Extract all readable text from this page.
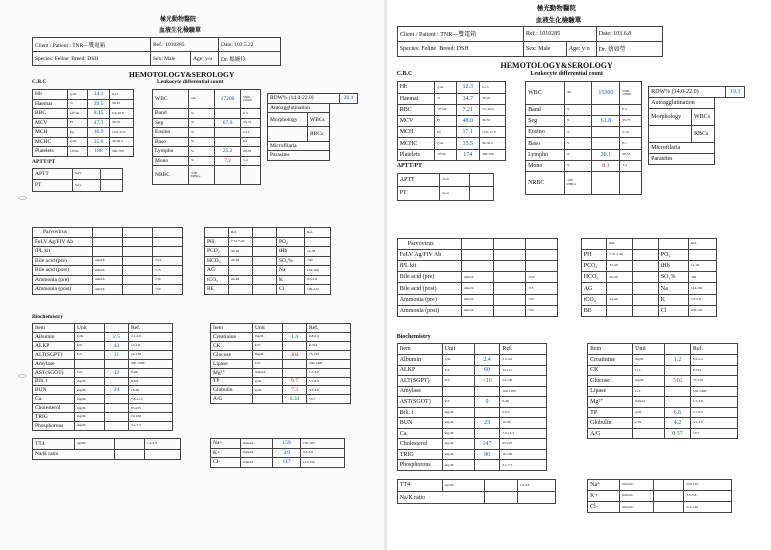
極光動物醫院
血液生化檢驗單
Client / Patient : TNR—雙電箱	Ref.: 1010285		Date: 103.5.22
Species: Feline Breed: DSH	Sex: Male	Age: y/o	Dr. 楊婉伶
HEMOTOLOGY&SEROLOGY
C.B.C	Leukocyte differential count
Hb	g/dL	14.1	8-15
Haemat	%	39.5	30-45
RBC	10⁶/uL	8.15	5.0-10.0
MCV	Fl	47.3	39-55
MCH	Pg	16.9	13.0-17.0
MCHC	g/dL	35.6	30-36.5
Platelets	10³/uL	188	300-700
WBC	/uL	17200	5500-
19500

Band	%		0-3
Seg	%	67.6	35-75
Eosino	%		2-12
Baso	%		0-1
Lympho	%	25.2	20-55
Mono	%	7.2	1-4
NRBC	/100
WBCs		

RDW% (14.0-22.0)	20.4
Autoagglutination	
Morphology	WBCs
	RBCs
Microfilaria	
Parasites	
APTT/PT
APTT	Secs	
PT	Secs	
Parvovirus			
FeLV Ag/FIV Ab			
fPL kit			
Bile acid (pre)	umol/L		<5.0
Bile acid (post)	umol/L		<15
Ammonia (pre)	umol/L		<59
Ammonia (post)	umol/L		<59
	Ref.			Ref.
PH	7.31-7.42		PO₂	
PCO₂	32-49		tHb	12-18
HCO₃	20-29		SO₂%	<80
AG			Na	144-160
tCO₂	24-48		K	3.5-5.8
BE			Cl	109-122
Biochemistry
Item	Unit		Ref.
Albumin	g/dL	2.5	2.2-4.0
ALKP	U/L	43	14-111
ALT(SGPT)	U/L	11	12-130
Amylase			500-1500
AST(SGOT)	U/L	12	0-48
Bili. t	mg/dL		0-0.9
BUN	mg/dL	24	16-36
Ca.	mg/dL		7.8-11.3
Cholesterol	mg/dL		65-225
TRIG	mg/dL		10-100
Phosphorous	mg/dL		3.1-7.5
Item	Unit		Ref.
Creatinine	mg/dL	1.4	0.8-2.4
CK	U/L		0-314
Glucose	mg/dL	304	75-159
Lipase	U/L		100-1400
Mg²⁺	mmol/L		1.5-3.0
TP	g/dL	9.7	5.7-8.9
Globulin	g/dL	7.3	3.5-4.9
A/G		0.34	>0.7
TT4	ng/mL		1.9-4.8
Na/K ratio			
Na+	mmol/L	159	150-165
K+	mmol/L	3.9	3.5-5.8
Cl-	mmol/L	117	112-129
極光動物醫院
血液生化檢驗單
Client / Patient : TNR—雙電箱	Ref.: 1010285		Date: 103.6.8
Species: Feline Breed: DSH	Sex: Male	Age: y/o	Dr. 蔡如瑩
HEMOTOLOGY&SEROLOGY
C.B.C	Leukocyte differential count
Hb	g/dL	12.3	8-15
Haemat	%	34.7	30-45
RBC	10⁶/uL	7.21	5.0-10.0
MCV	Fl	48.0	39-55
MCH	Pg	17.1	13.0-17.0
MCHC	g/dL	35.5	30-36.5
Platelets	10³/uL	174	300-700
WBC	/uL	15300	5500-
19500

Band	%		0-3
Seg	%	61.8	35-75
Eosino	%		2-12
Baso	%		0-1
Lympho	%	30.1	20-55
Mono	%	8.1	1-4
NRBC	/100
WBCs		

RDW% (14.0-22.0)	19.3
Autoagglutination	
Morphology	WBCs
	RBCs
Microfilaria	
Parasites	
APTT/PT
APTT	Secs	
PT	Secs	
Parvovirus			
FeLV Ag/FIV Ab			
fPL kit			
Bile acid (pre)	umol/L		<5.0
Bile acid (post)	umol/L		<15
Ammonia (pre)	umol/L		<59
Ammonia (post)	umol/L		<59
	Ref.			Ref.
PH	7.31-7.42		PO₂	
PCO₂	32-49		tHb	12-18
HCO₃	20-29		SO₂%	<80
AG			Na	144-160
tCO₂	24-48		K	3.5-5.8
BE			Cl	109-122
Biochemistry
Item	Unit		Ref.
Albumin	g/dL	2.4	2.2-4.0
ALKP	U/L	60	14-111
ALT(SGPT)	U/L	<10	12-130
Amylase			500-1500
AST(SGOT)	U/L	9	0-48
Bili. t	mg/dL		0-0.9
BUN	mg/dL	23	16-36
Ca.	mg/dL		7.8-11.3
Cholesterol	mg/dL	147	65-225
TRIG	mg/dL	90	10-100
Phosphorous	mg/dL		3.1-7.5
Item	Unit		Ref.
Creatinine	mg/dL	1.2	0.8-2.4
CK	U/L		0-314
Glucose	mg/dL	516	75-159
Lipase	U/L		100-1400
Mg²⁺	mmol/L		1.5-3.0
TP	g/dL	6.6	5.7-8.9
Globulin	g/dL	4.2	3.5-4.9
A/G		0.57	>0.7
TT4	ng/mL		1.9-4.8
Na/K ratio			
Na+	mmol/L		150-165
K+	mmol/L		3.5-5.8
Cl-	mmol/L		112-129
